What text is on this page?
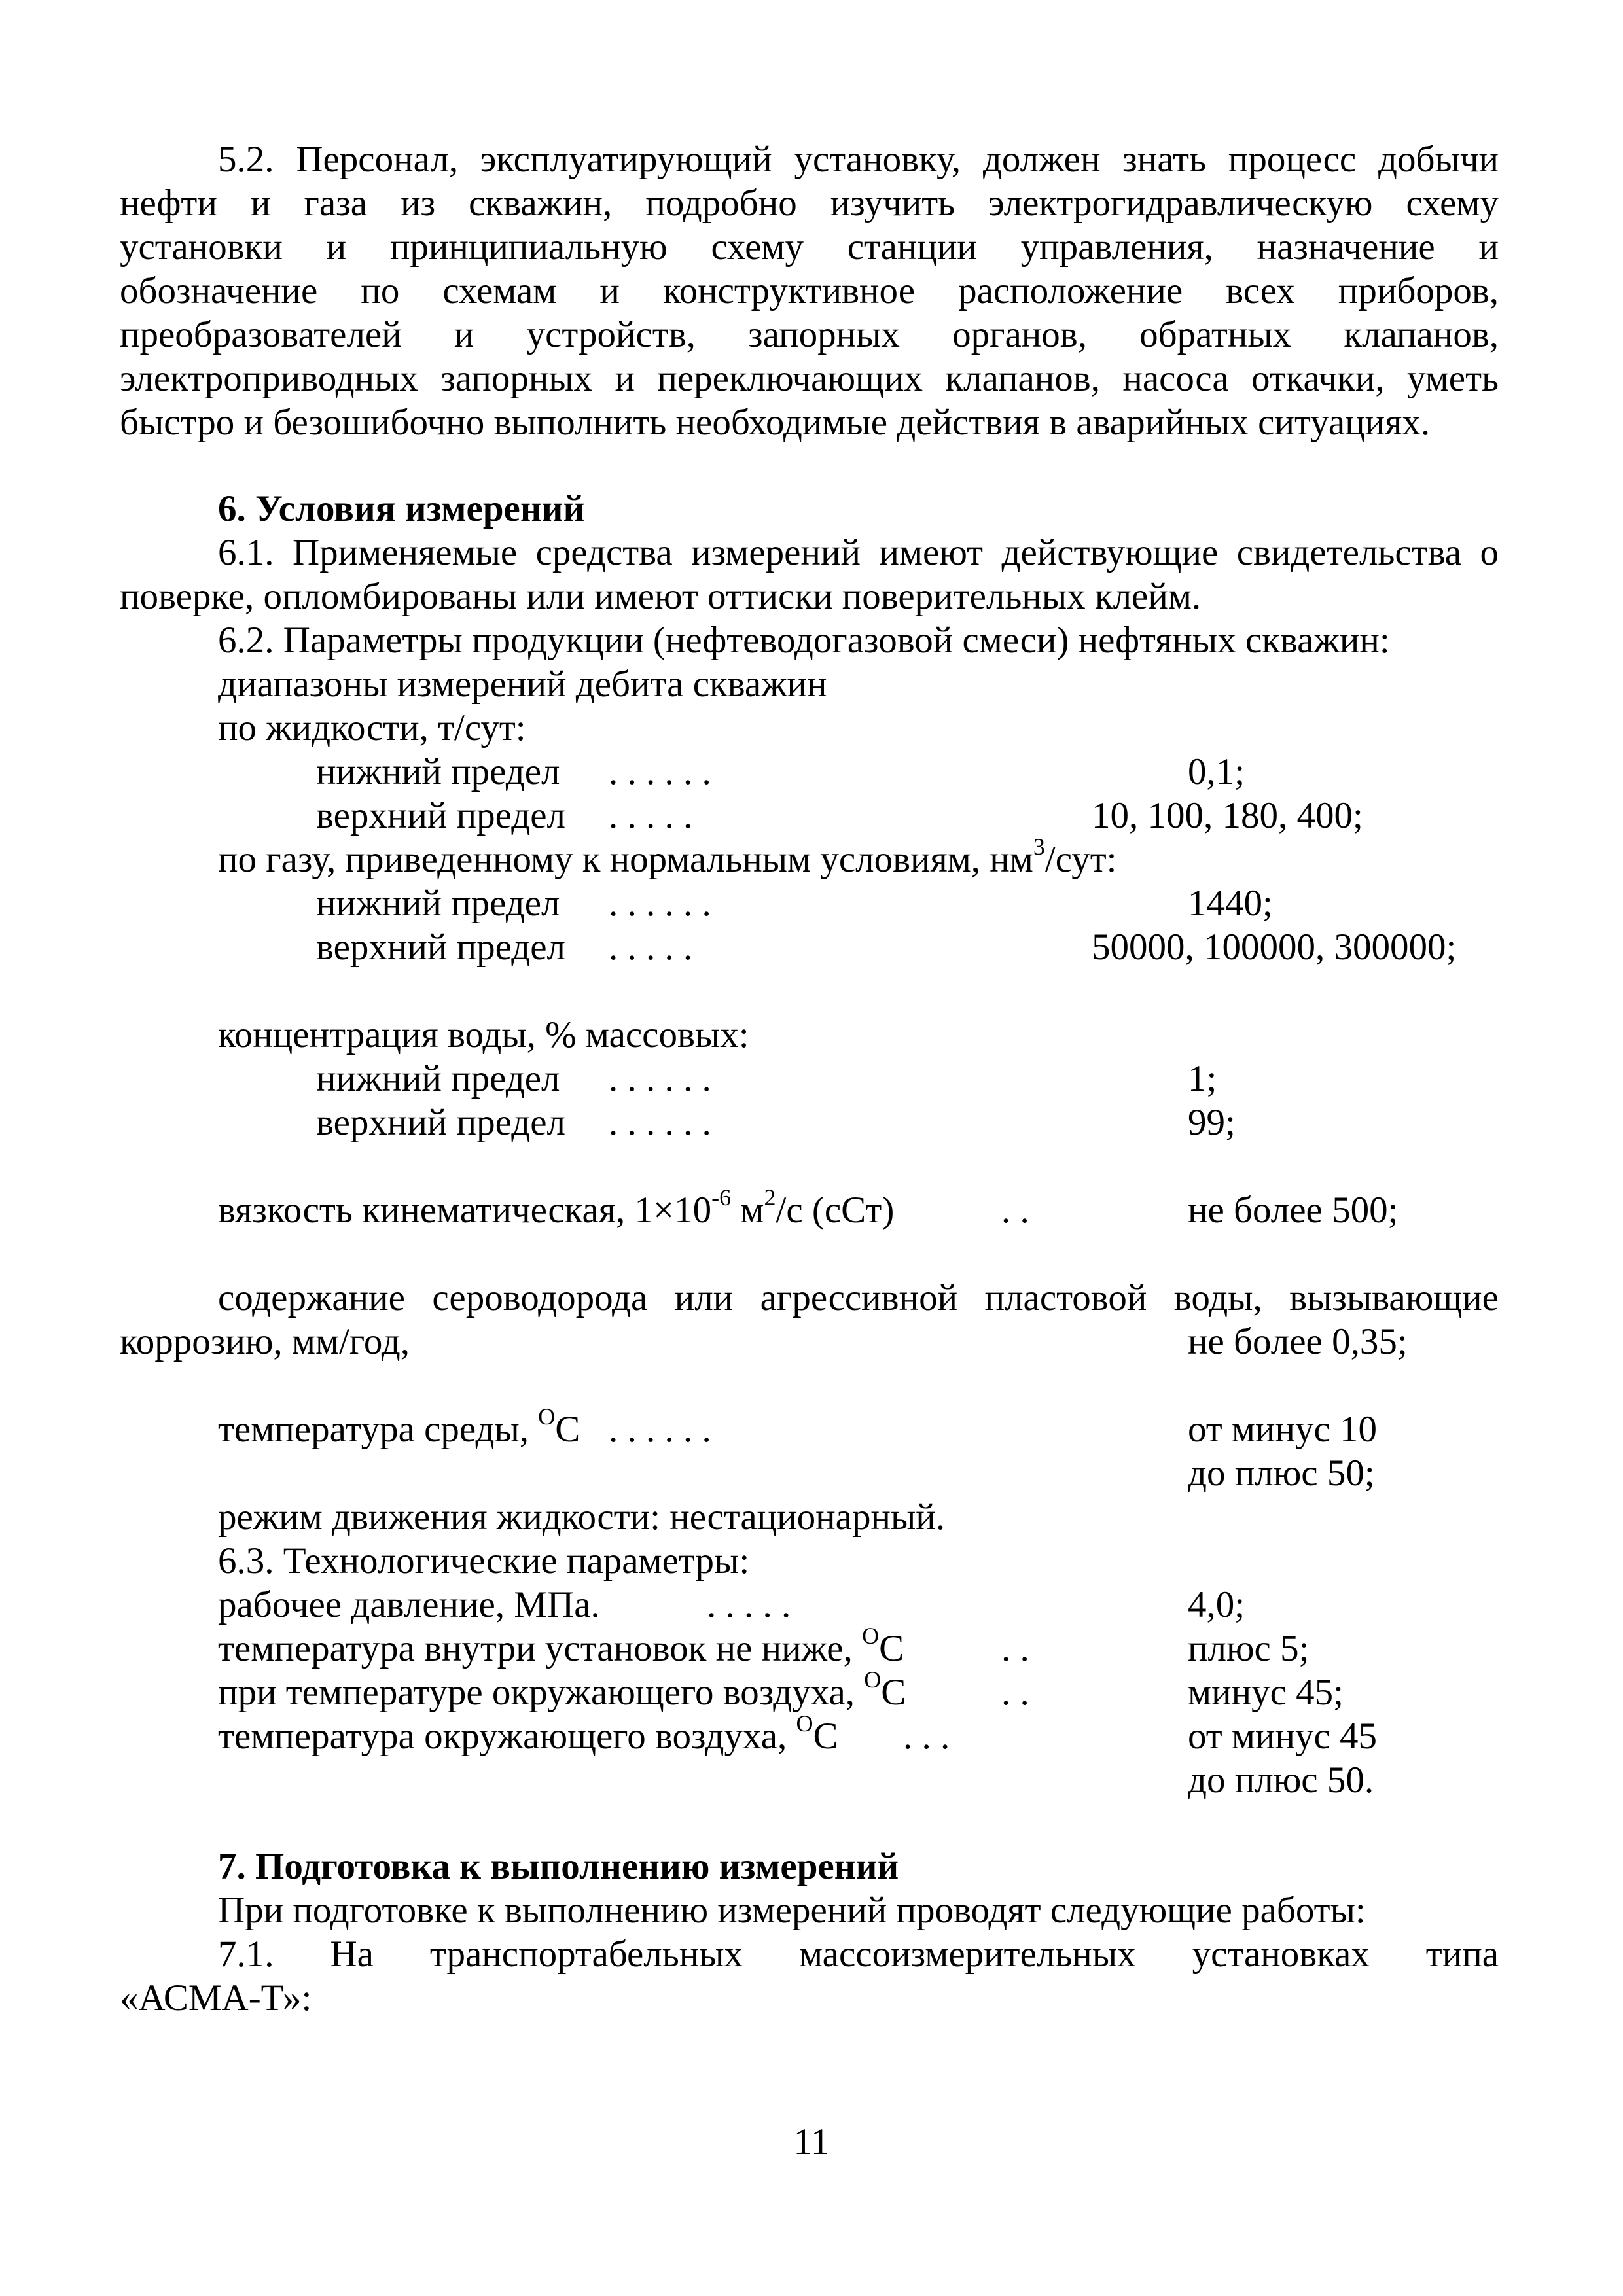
5.2. Персонал, эксплуатирующий установку, должен знать процесс добычи
нефти и газа из скважин, подробно изучить электрогидравлическую схему
установки и принципиальную схему станции управления, назначение и
обозначение по схемам и конструктивное расположение всех приборов,
преобразователей и устройств, запорных органов, обратных клапанов,
электроприводных запорных и переключающих клапанов, насоса откачки, уметь
быстро и безошибочно выполнить необходимые действия в аварийных ситуациях.
6. Условия измерений
6.1. Применяемые средства измерений имеют действующие свидетельства о
поверке, опломбированы или имеют оттиски поверительных клейм.
6.2. Параметры продукции (нефтеводогазовой смеси) нефтяных скважин:
диапазоны измерений дебита скважин
по жидкости, т/сут:
нижний предел . . . . . .	0,1;
верхний предел . . . . .	10, 100, 180, 400;
по газу, приведенному к нормальным условиям, $нм^3$/сут:
нижний предел . . . . . .	1440;
верхний предел . . . . .	50000, 100000, 300000;
концентрация воды, % массовых:
нижний предел . . . . . .	1;
верхний предел . . . . . .	99;
вязкость кинематическая, $1\times 10^{-6}$ $м^2/с$ (сСт)	. .	не более 500;
содержание сероводорода или агрессивной пластовой воды, вызывающие
коррозию, мм/год,	не более 0,35;
температура среды, $^О$С . . . . . .	от минус 10
до плюс 50;
режим движения жидкости: нестационарный.
6.3. Технологические параметры:
рабочее давление, МПа.	. . . . .	4,0;
температура внутри установок не ниже, $^О$С	. .	плюс 5;
при температуре окружающего воздуха, $^О$С	. .	минус 45;
температура окружающего воздуха, $^О$С . . .	от минус 45
до плюс 50.
7. Подготовка к выполнению измерений
При подготовке к выполнению измерений проводят следующие работы:
7.1. На транспортабельных массоизмерительных установках типа
«АСМА-Т»:
11
